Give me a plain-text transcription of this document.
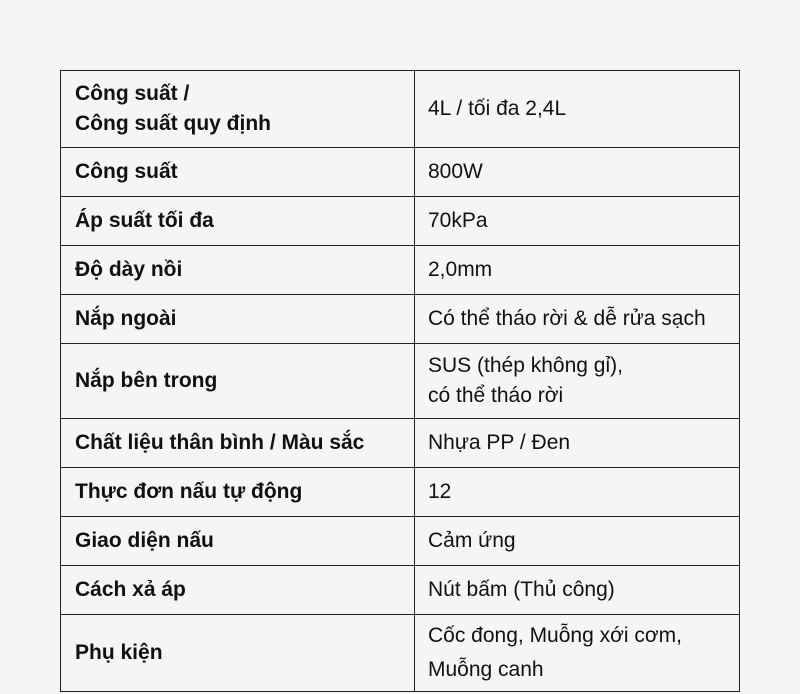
Công suất /
Công suất quy định	4L / tối đa 2,4L
Công suất	800W
Áp suất tối đa	70kPa
Độ dày nồi	2,0mm
Nắp ngoài	Có thể tháo rời & dễ rửa sạch
Nắp bên trong	SUS (thép không gỉ),
có thể tháo rời

Chất liệu thân bình / Màu sắc	Nhựa PP / Đen
Thực đơn nấu tự động	12
Giao diện nấu	Cảm ứng
Cách xả áp	Nút bấm (Thủ công)
Phụ kiện	Cốc đong, Muỗng xới cơm,
Muỗng canh
